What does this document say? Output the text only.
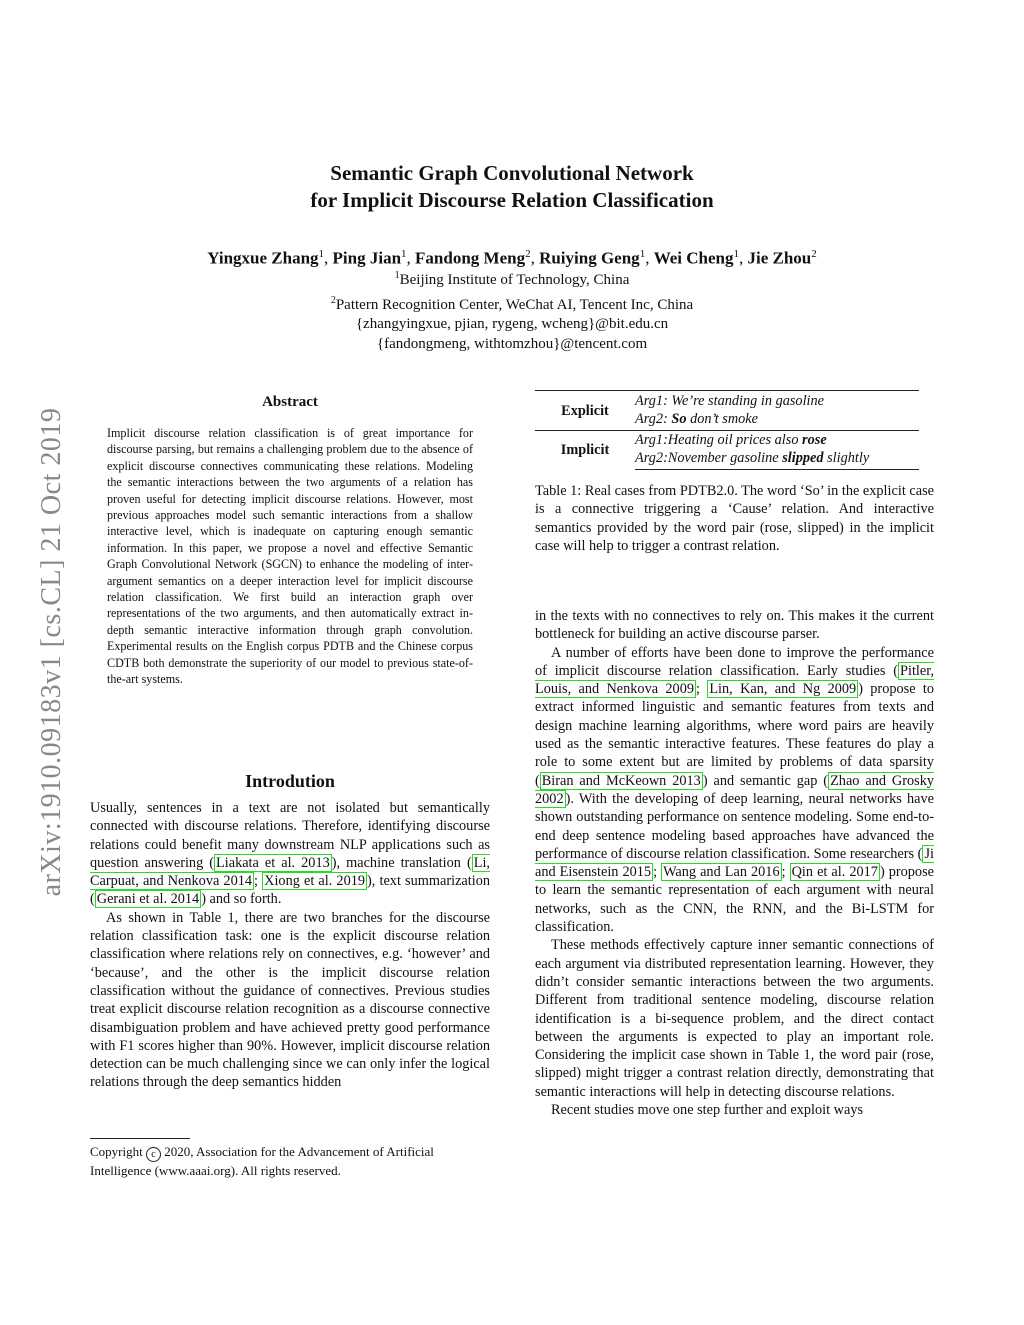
Semantic Graph Convolutional Network
for Implicit Discourse Relation Classification
Yingxue Zhang$^1$, Ping Jian$^1$, Fandong Meng$^2$, Ruiying Geng$^1$, Wei Cheng$^1$, Jie Zhou$^2$
$^1$Beijing Institute of Technology, China
$^2$Pattern Recognition Center, WeChat AI, Tencent Inc, China
{zhangyingxue, pjian, rygeng, wcheng}@bit.edu.cn
{fandongmeng, withtomzhou}@tencent.com
arXiv:1910.09183v1 [cs.CL] 21 Oct 2019
Abstract
Implicit discourse relation classification is of great importance for discourse parsing, but remains a challenging problem due to the absence of explicit discourse connectives communicating these relations. Modeling the semantic interactions between the two arguments of a relation has proven useful for detecting implicit discourse relations. However, most previous approaches model such semantic interactions from a shallow interactive level, which is inadequate on capturing enough semantic information. In this paper, we propose a novel and effective Semantic Graph Convolutional Network (SGCN) to enhance the modeling of inter-argument semantics on a deeper interaction level for implicit discourse relation classification. We first build an interaction graph over representations of the two arguments, and then automatically extract in-depth semantic interactive information through graph convolution. Experimental results on the English corpus PDTB and the Chinese corpus CDTB both demonstrate the superiority of our model to previous state-of-the-art systems.
Introdution

Usually, sentences in a text are not isolated but semantically connected with discourse relations. Therefore, identifying discourse relations could benefit many downstream NLP applications such as question answering ( Liakata et al. 2013 ), machine translation ( Li, Carpuat, and Nenkova 2014 ; Xiong et al. 2019 ), text summarization ( Gerani et al. 2014 ) and so forth.

As shown in Table 1, there are two branches for the discourse relation classification task: one is the explicit discourse relation classification where relations rely on connectives, e.g. ‘however’ and ‘because’, and the other is the implicit discourse relation classification without the guidance of connectives. Previous studies treat explicit discourse relation recognition as a discourse connective disambiguation problem and have achieved pretty good performance with F1 scores higher than 90%. However, implicit discourse relation detection can be much challenging since we can only infer the logical relations through the deep semantics hidden

Copyright c 2020, Association for the Advancement of Artificial Intelligence (www.aaai.org). All rights reserved.
Explicit	Arg1: We’re standing in gasoline
	Arg2: So don’t smoke
Implicit	Arg1:Heating oil prices also rose
	Arg2:November gasoline slipped slightly
Table 1: Real cases from PDTB2.0. The word ‘So’ in the explicit case is a connective triggering a ‘Cause’ relation. And interactive semantics provided by the word pair (rose, slipped) in the implicit case will help to trigger a contrast relation.

in the texts with no connectives to rely on. This makes it the current bottleneck for building an active discourse parser.

A number of efforts have been done to improve the performance of implicit discourse relation classification. Early studies ( Pitler, Louis, and Nenkova 2009 ; Lin, Kan, and Ng 2009 ) propose to extract informed linguistic and semantic features from texts and design machine learning algorithms, where word pairs are heavily used as the semantic interactive features. These features do play a role to some extent but are limited by problems of data sparsity ( Biran and McKeown 2013 ) and semantic gap ( Zhao and Grosky 2002 ). With the developing of deep learning, neural networks have shown outstanding performance on sentence modeling. Some end-to-end deep sentence modeling based approaches have advanced the performance of discourse relation classification. Some researchers ( Ji and Eisenstein 2015 ; Wang and Lan 2016 ; Qin et al. 2017 ) propose to learn the semantic representation of each argument with neural networks, such as the CNN, the RNN, and the Bi-LSTM for classification.

These methods effectively capture inner semantic connections of each argument via distributed representation learning. However, they didn’t consider semantic interactions between the two arguments. Different from traditional sentence modeling, discourse relation identification is a bi-sequence problem, and the direct contact between the arguments is expected to play an important role. Considering the implicit case shown in Table 1, the word pair (rose, slipped) might trigger a contrast relation directly, demonstrating that semantic interactions will help in detecting discourse relations.

Recent studies move one step further and exploit ways
